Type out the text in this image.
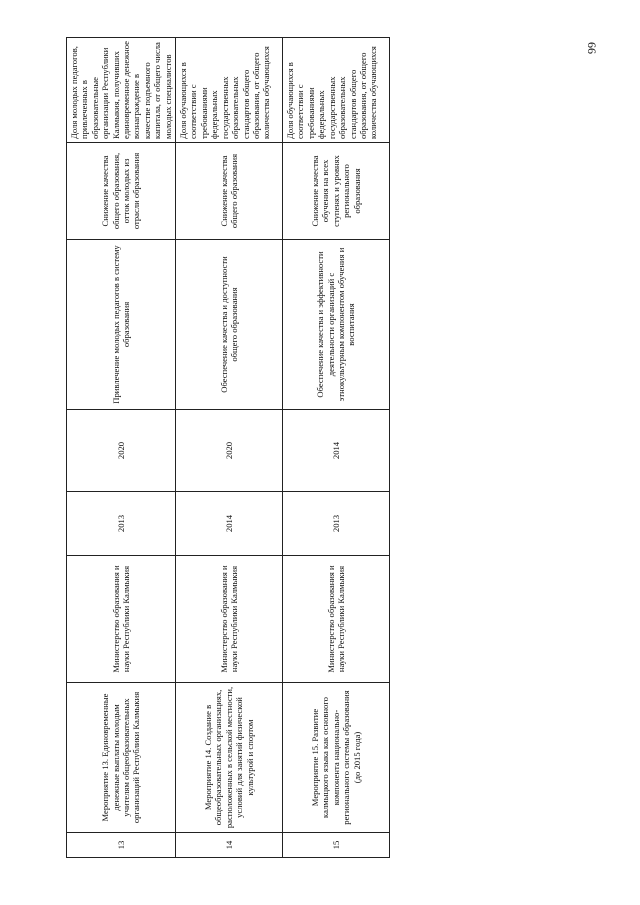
66
13	Мероприятие 13. Единовременные денежные выплаты молодым учителям общеобразовательных организаций Республики Калмыкия	Министерство образования и науки Республики Калмыкия	2013	2020	Привлечение молодых педагогов в систему образования	Снижение качества общего образования, отток молодых из отрасли образования	Доля молодых педагогов, привлеченных в образовательные организации Республики Калмыкия, получивших единовременное денежное вознаграждение в качестве подъемного капитала, от общего числа молодых специалистов
14	Мероприятие 14. Создание в общеобразовательных организациях, расположенных в сельской местности, условий для занятий физической культурой и спортом	Министерство образования и науки Республики Калмыкия	2014	2020	Обеспечение качества и доступности общего образования	Снижение качества общего образования	Доля обучающихся в соответствии с требованиями федеральных государственных образовательных стандартов общего образования, от общего количества обучающихся
15	Мероприятие 15. Развитие калмыцкого языка как основного компонента национально-регионального системы образования (до 2015 года)	Министерство образования и науки Республики Калмыкия	2013	2014	Обеспечение качества и эффективности деятельности организаций с этнокультурным компонентом обучения и воспитания	Снижение качества обучения на всех ступенях и уровнях регионального образования	Доля обучающихся в соответствии с требованиями федеральных государственных образовательных стандартов общего образования, от общего количества обучающихся
